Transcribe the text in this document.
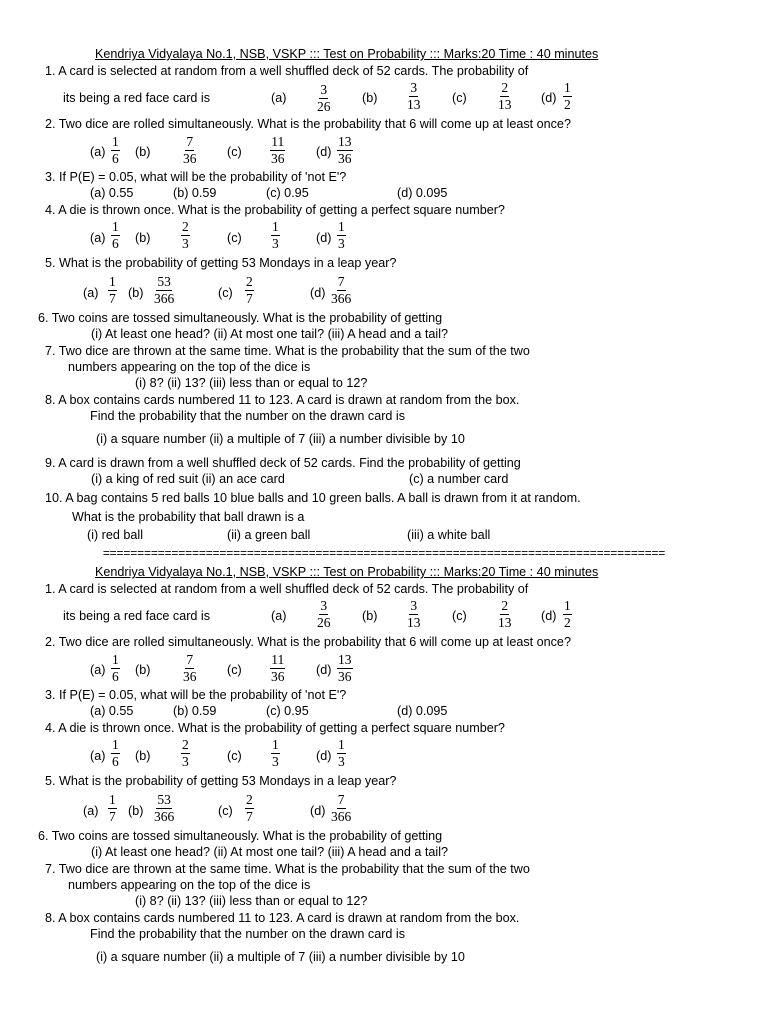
Kendriya Vidyalaya No.1, NSB, VSKP ::: Test on Probability ::: Marks:20 Time : 40 minutes
1. A card is selected at random from a well shuffled deck of 52 cards. The probability of
its being a red face card is	$(a) \frac{3}{26} (b) \frac{3}{13} (c) \frac{2}{13} (d) \frac{1}{2}$
2. Two dice are rolled simultaneously. What is the probability that 6 will come up at least once?
$(a) \frac{1}{6} (b) \frac{7}{36} (c) \frac{11}{36} (d) \frac{13}{36}$
3. If P(E) = 0.05, what will be the probability of 'not E'?
(a) 0.55	(b) 0.59	(c) 0.95	(d) 0.095
4. A die is thrown once. What is the probability of getting a perfect square number?
$(a) \frac{1}{6} (b) \frac{2}{3}$	$(c) \frac{1}{3}$	$(d) \frac{1}{3}$
5. What is the probability of getting 53 Mondays in a leap year?
$(a) \frac{1}{7} (b) \frac{53}{366}$	$(c) \frac{2}{7}$	$(d) \frac{7}{366}$
6. Two coins are tossed simultaneously. What is the probability of getting
(i) At least one head? (ii) At most one tail? (iii) A head and a tail?
7. Two dice are thrown at the same time. What is the probability that the sum of the two
numbers appearing on the top of the dice is
(i) 8? (ii) 13? (iii) less than or equal to 12?
8. A box contains cards numbered 11 to 123. A card is drawn at random from the box.
Find the probability that the number on the drawn card is
(i) a square number (ii) a multiple of 7 (iii) a number divisible by 10
9. A card is drawn from a well shuffled deck of 52 cards. Find the probability of getting
(i) a king of red suit (ii) an ace card	(c) a number card
10. A bag contains 5 red balls 10 blue balls and 10 green balls. A ball is drawn from it at random.
What is the probability that ball drawn is a
(i) red ball	(ii) a green ball	(iii) a white ball
==================================================================================
Kendriya Vidyalaya No.1, NSB, VSKP ::: Test on Probability ::: Marks:20 Time : 40 minutes
1. A card is selected at random from a well shuffled deck of 52 cards. The probability of
its being a red face card is	$(a) \frac{3}{26} (b) \frac{3}{13} (c) \frac{2}{13} (d) \frac{1}{2}$
2. Two dice are rolled simultaneously. What is the probability that 6 will come up at least once?
$(a) \frac{1}{6} (b) \frac{7}{36} (c) \frac{11}{36} (d) \frac{13}{36}$
3. If P(E) = 0.05, what will be the probability of 'not E'?
(a) 0.55	(b) 0.59	(c) 0.95	(d) 0.095
4. A die is thrown once. What is the probability of getting a perfect square number?
$(a) \frac{1}{6} (b) \frac{2}{3}$	$(c) \frac{1}{3}$	$(d) \frac{1}{3}$
5. What is the probability of getting 53 Mondays in a leap year?
$(a) \frac{1}{7} (b) \frac{53}{366}$	$(c) \frac{2}{7}$	$(d) \frac{7}{366}$
6. Two coins are tossed simultaneously. What is the probability of getting
(i) At least one head? (ii) At most one tail? (iii) A head and a tail?
7. Two dice are thrown at the same time. What is the probability that the sum of the two
numbers appearing on the top of the dice is
(i) 8? (ii) 13? (iii) less than or equal to 12?
8. A box contains cards numbered 11 to 123. A card is drawn at random from the box.
Find the probability that the number on the drawn card is
(i) a square number (ii) a multiple of 7 (iii) a number divisible by 10
